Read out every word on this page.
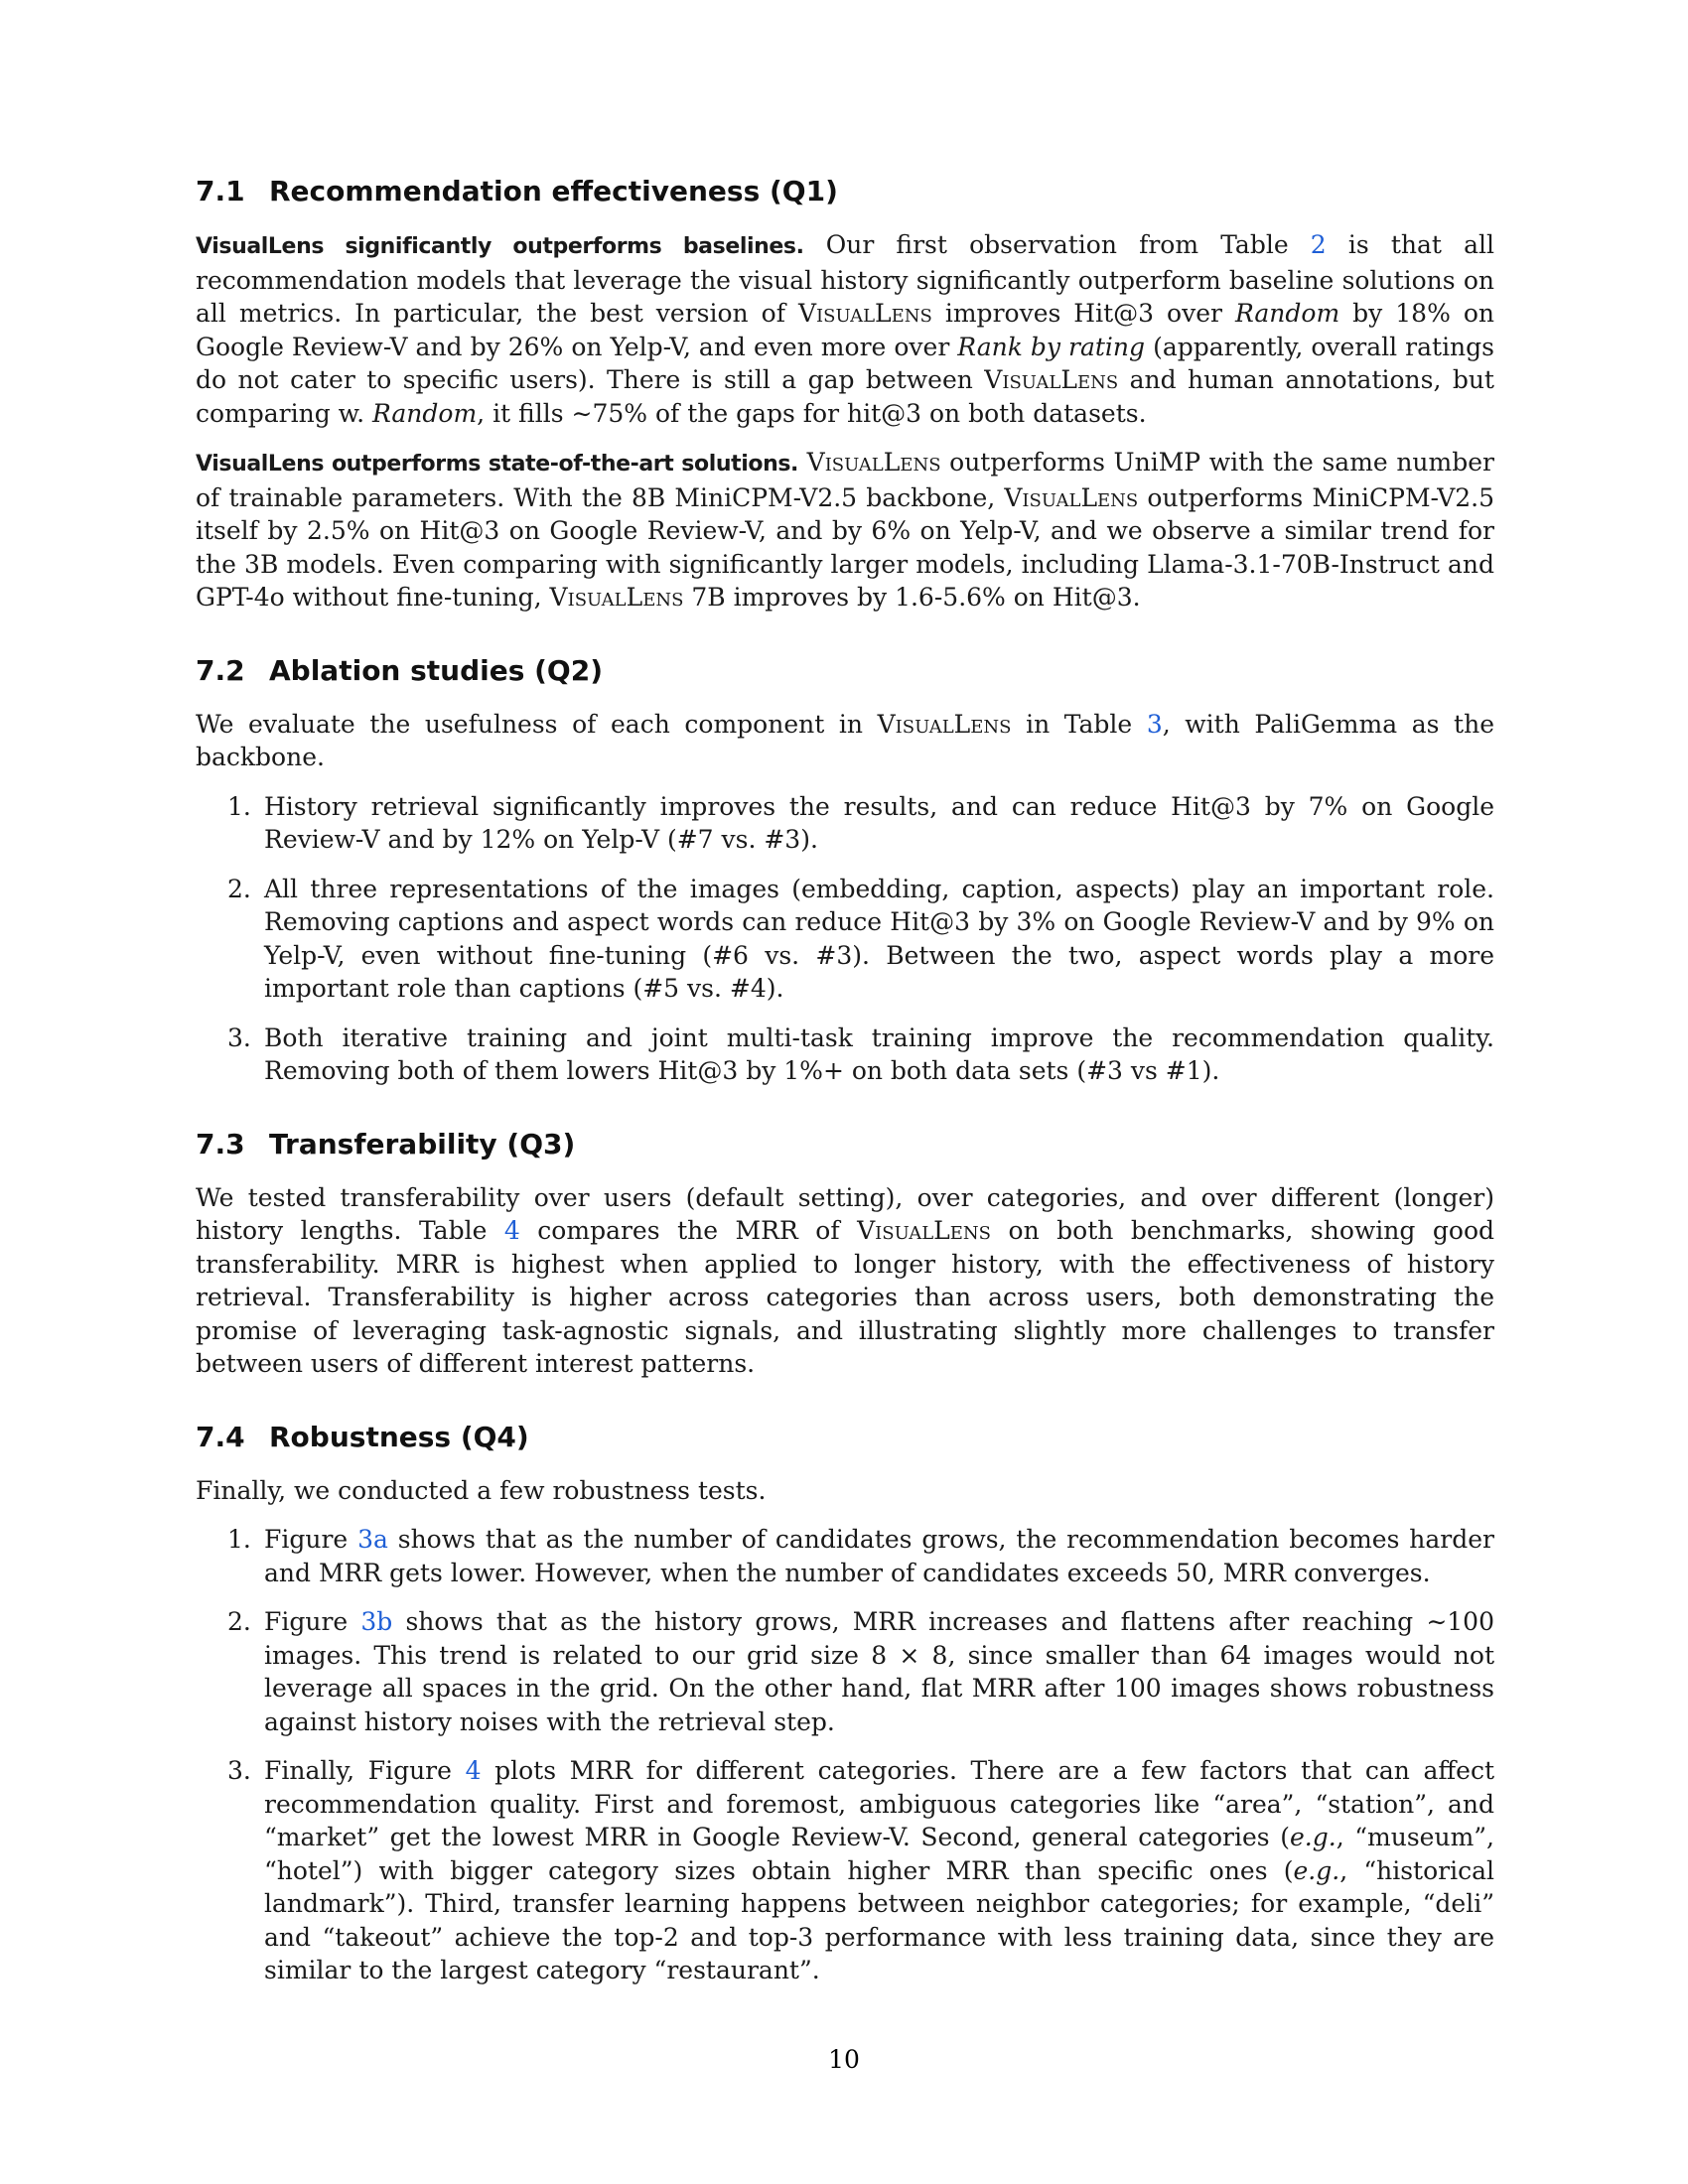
7.1 Recommendation effectiveness (Q1)

VisualLens significantly outperforms baselines. Our first observation from Table 2 is that all recommendation models that leverage the visual history significantly outperform baseline solutions on all metrics. In particular, the best version of VisualLens improves Hit@3 over Random by 18% on Google Review-V and by 26% on Yelp-V, and even more over Rank by rating (apparently, overall ratings do not cater to specific users). There is still a gap between VisualLens and human annotations, but comparing w. Random, it fills ∼75% of the gaps for hit@3 on both datasets.

VisualLens outperforms state-of-the-art solutions. VisualLens outperforms UniMP with the same number of trainable parameters. With the 8B MiniCPM-V2.5 backbone, VisualLens outperforms MiniCPM-V2.5 itself by 2.5% on Hit@3 on Google Review-V, and by 6% on Yelp-V, and we observe a similar trend for the 3B models. Even comparing with significantly larger models, including Llama-3.1-70B-Instruct and GPT-4o without fine-tuning, VisualLens 7B improves by 1.6-5.6% on Hit@3.

7.2 Ablation studies (Q2)

We evaluate the usefulness of each component in VisualLens in Table 3, with PaliGemma as the backbone.

1. History retrieval significantly improves the results, and can reduce Hit@3 by 7% on Google Review-V and by 12% on Yelp-V (#7 vs. #3).
2. All three representations of the images (embedding, caption, aspects) play an important role. Removing captions and aspect words can reduce Hit@3 by 3% on Google Review-V and by 9% on Yelp-V, even without fine-tuning (#6 vs. #3). Between the two, aspect words play a more important role than captions (#5 vs. #4).
3. Both iterative training and joint multi-task training improve the recommendation quality. Removing both of them lowers Hit@3 by 1%+ on both data sets (#3 vs #1).
7.3 Transferability (Q3)

We tested transferability over users (default setting), over categories, and over different (longer) history lengths. Table 4 compares the MRR of VisualLens on both benchmarks, showing good transferability. MRR is highest when applied to longer history, with the effectiveness of history retrieval. Transferability is higher across categories than across users, both demonstrating the promise of leveraging task-agnostic signals, and illustrating slightly more challenges to transfer between users of different interest patterns.

7.4 Robustness (Q4)

Finally, we conducted a few robustness tests.

1. Figure 3a shows that as the number of candidates grows, the recommendation becomes harder and MRR gets lower. However, when the number of candidates exceeds 50, MRR converges.
2. Figure 3b shows that as the history grows, MRR increases and flattens after reaching ∼100 images. This trend is related to our grid size 8 × 8, since smaller than 64 images would not leverage all spaces in the grid. On the other hand, flat MRR after 100 images shows robustness against history noises with the retrieval step.
3. Finally, Figure 4 plots MRR for different categories. There are a few factors that can affect recommendation quality. First and foremost, ambiguous categories like “area”, “station”, and “market” get the lowest MRR in Google Review-V. Second, general categories (e.g., “museum”, “hotel”) with bigger category sizes obtain higher MRR than specific ones (e.g., “historical landmark”). Third, transfer learning happens between neighbor categories; for example, “deli” and “takeout” achieve the top-2 and top-3 performance with less training data, since they are similar to the largest category “restaurant”.
10
